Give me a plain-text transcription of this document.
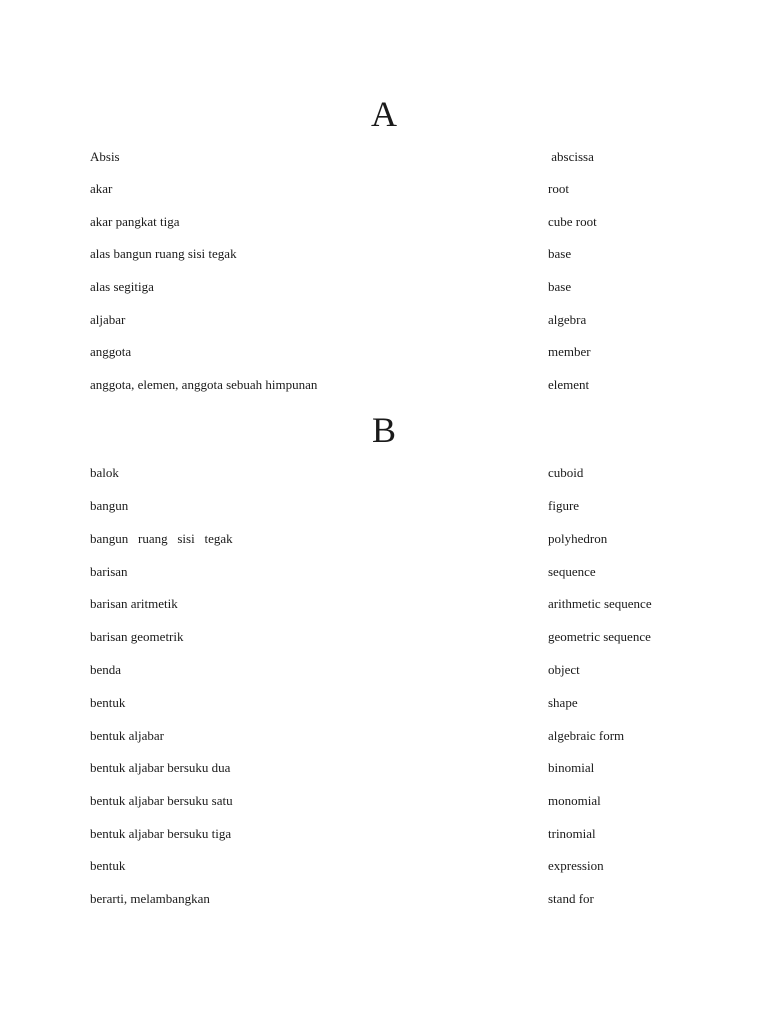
A
Absis	abscissa
akar	root
akar pangkat tiga	cube root
alas bangun ruang sisi tegak	base
alas segitiga	base
aljabar	algebra
anggota	member
anggota, elemen, anggota sebuah himpunan	element
B
balok	cuboid
bangun	figure
bangun   ruang   sisi   tegak	polyhedron
barisan	sequence
barisan aritmetik	arithmetic sequence
barisan geometrik	geometric sequence
benda	object
bentuk	shape
bentuk aljabar	algebraic form
bentuk aljabar bersuku dua	binomial
bentuk aljabar bersuku satu	monomial
bentuk aljabar bersuku tiga	trinomial
bentuk	expression
berarti, melambangkan	stand for
